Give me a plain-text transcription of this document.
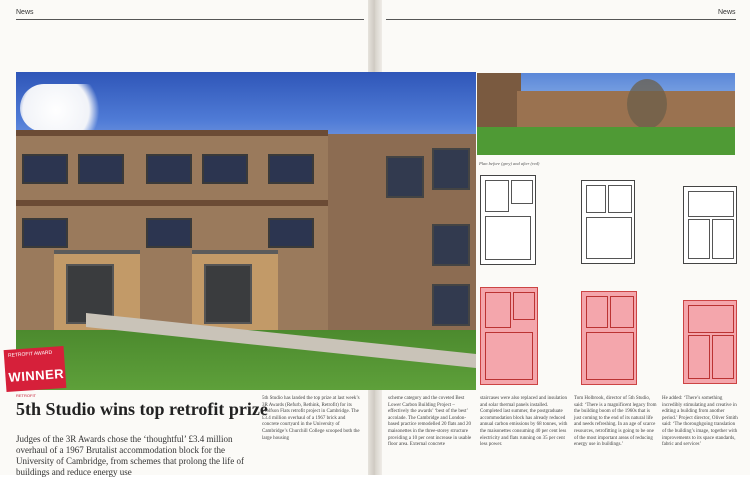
News	News
RETROFIT AWARD
WINNER
RETROFIT
5th Studio wins top retrofit prize
Judges of the 3R Awards chose the ‘thoughtful’ £3.4 million overhaul of a 1967 Brutalist accommodation block for the University of Cambridge, from schemes that prolong the life of buildings and reduce energy use
5th Studio has landed the top prize at last week’s 3R Awards (Refurb, Rethink, Retrofit) for its Wolfson Flats retrofit project in Cambridge. The £3.4 million overhaul of a 1967 brick and concrete courtyard in the University of Cambridge’s Churchill College scooped both the large housing
scheme category and the coveted Best Lower Carbon Building Project – effectively the awards’ ‘best of the best’ accolade. The Cambridge and London-based practice remodelled 20 flats and 20 maisonettes in the three-storey structure providing a 10 per cent increase in usable floor area. External concrete
staircases were also replaced and insulation and solar thermal panels installed. Completed last summer, the postgraduate accommodation block has already reduced annual carbon emissions by 68 tonnes, with the maisonettes consuming 40 per cent less electricity and flats running on 35 per cent less power.
Tom Holbrook, director of 5th Studio, said: ‘There is a magnificent legacy from the building boom of the 1960s that is just coming to the end of its natural life and needs refreshing. In an age of scarce resources, retrofitting is going to be one of the most important areas of reducing energy use in buildings.’
He added: ‘There’s something incredibly stimulating and creative in editing a building from another period.’ Project director, Oliver Smith said: ‘The thoroughgoing translation of the building’s image, together with improvements to its space standards, fabric and services’
Plan before (grey) and after (red)
